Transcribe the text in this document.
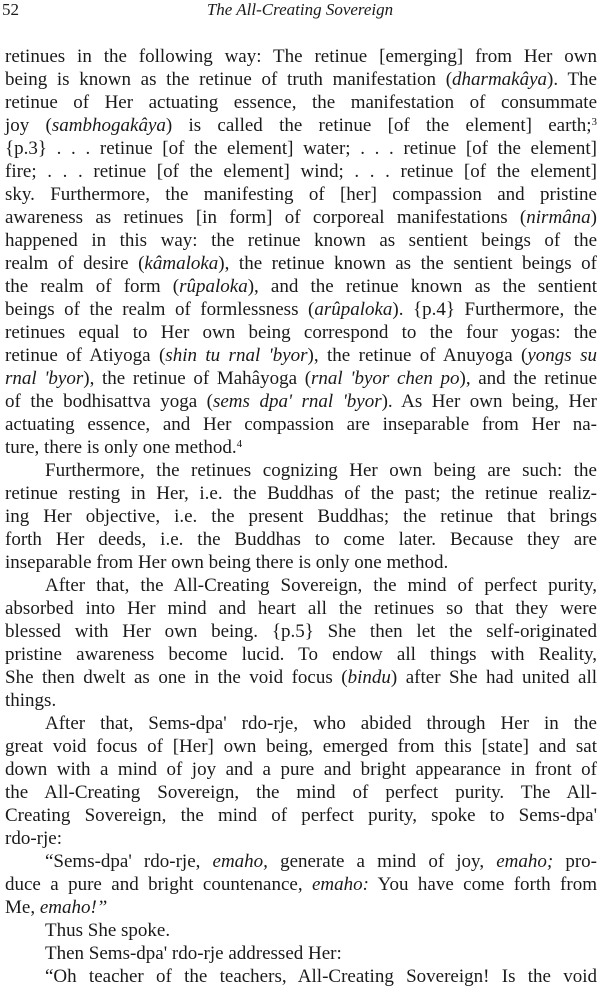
52	The All-Creating Sovereign
retinues in the following way: The retinue [emerging] from Her own
being is known as the retinue of truth manifestation (dharmakâya). The
retinue of Her actuating essence, the manifestation of consummate
joy (sambhogakâya) is called the retinue [of the element] earth;$^3$
{p.3} . . . retinue [of the element] water; . . . retinue [of the element]
fire; . . . retinue [of the element] wind; . . . retinue [of the element]
sky. Furthermore, the manifesting of [her] compassion and pristine
awareness as retinues [in form] of corporeal manifestations (nirmâna)
happened in this way: the retinue known as sentient beings of the
realm of desire (kâmaloka), the retinue known as the sentient beings of
the realm of form (rûpaloka), and the retinue known as the sentient
beings of the realm of formlessness (arûpaloka). {p.4} Furthermore, the
retinues equal to Her own being correspond to the four yogas: the
retinue of Atiyoga (shin tu rnal 'byor), the retinue of Anuyoga (yongs su
rnal 'byor), the retinue of Mahâyoga (rnal 'byor chen po), and the retinue
of the bodhisattva yoga (sems dpa' rnal 'byor). As Her own being, Her
actuating essence, and Her compassion are inseparable from Her na-
ture, there is only one method.$^4$
Furthermore, the retinues cognizing Her own being are such: the
retinue resting in Her, i.e. the Buddhas of the past; the retinue realiz-
ing Her objective, i.e. the present Buddhas; the retinue that brings
forth Her deeds, i.e. the Buddhas to come later. Because they are
inseparable from Her own being there is only one method.
After that, the All-Creating Sovereign, the mind of perfect purity,
absorbed into Her mind and heart all the retinues so that they were
blessed with Her own being. {p.5} She then let the self-originated
pristine awareness become lucid. To endow all things with Reality,
She then dwelt as one in the void focus (bindu) after She had united all
things.
After that, Sems-dpa' rdo-rje, who abided through Her in the
great void focus of [Her] own being, emerged from this [state] and sat
down with a mind of joy and a pure and bright appearance in front of
the All-Creating Sovereign, the mind of perfect purity. The All-
Creating Sovereign, the mind of perfect purity, spoke to Sems-dpa'
rdo-rje:
“Sems-dpa' rdo-rje, emaho, generate a mind of joy, emaho; pro-
duce a pure and bright countenance, emaho: You have come forth from
Me, emaho!”
Thus She spoke.
Then Sems-dpa' rdo-rje addressed Her:
“Oh teacher of the teachers, All-Creating Sovereign! Is the void
